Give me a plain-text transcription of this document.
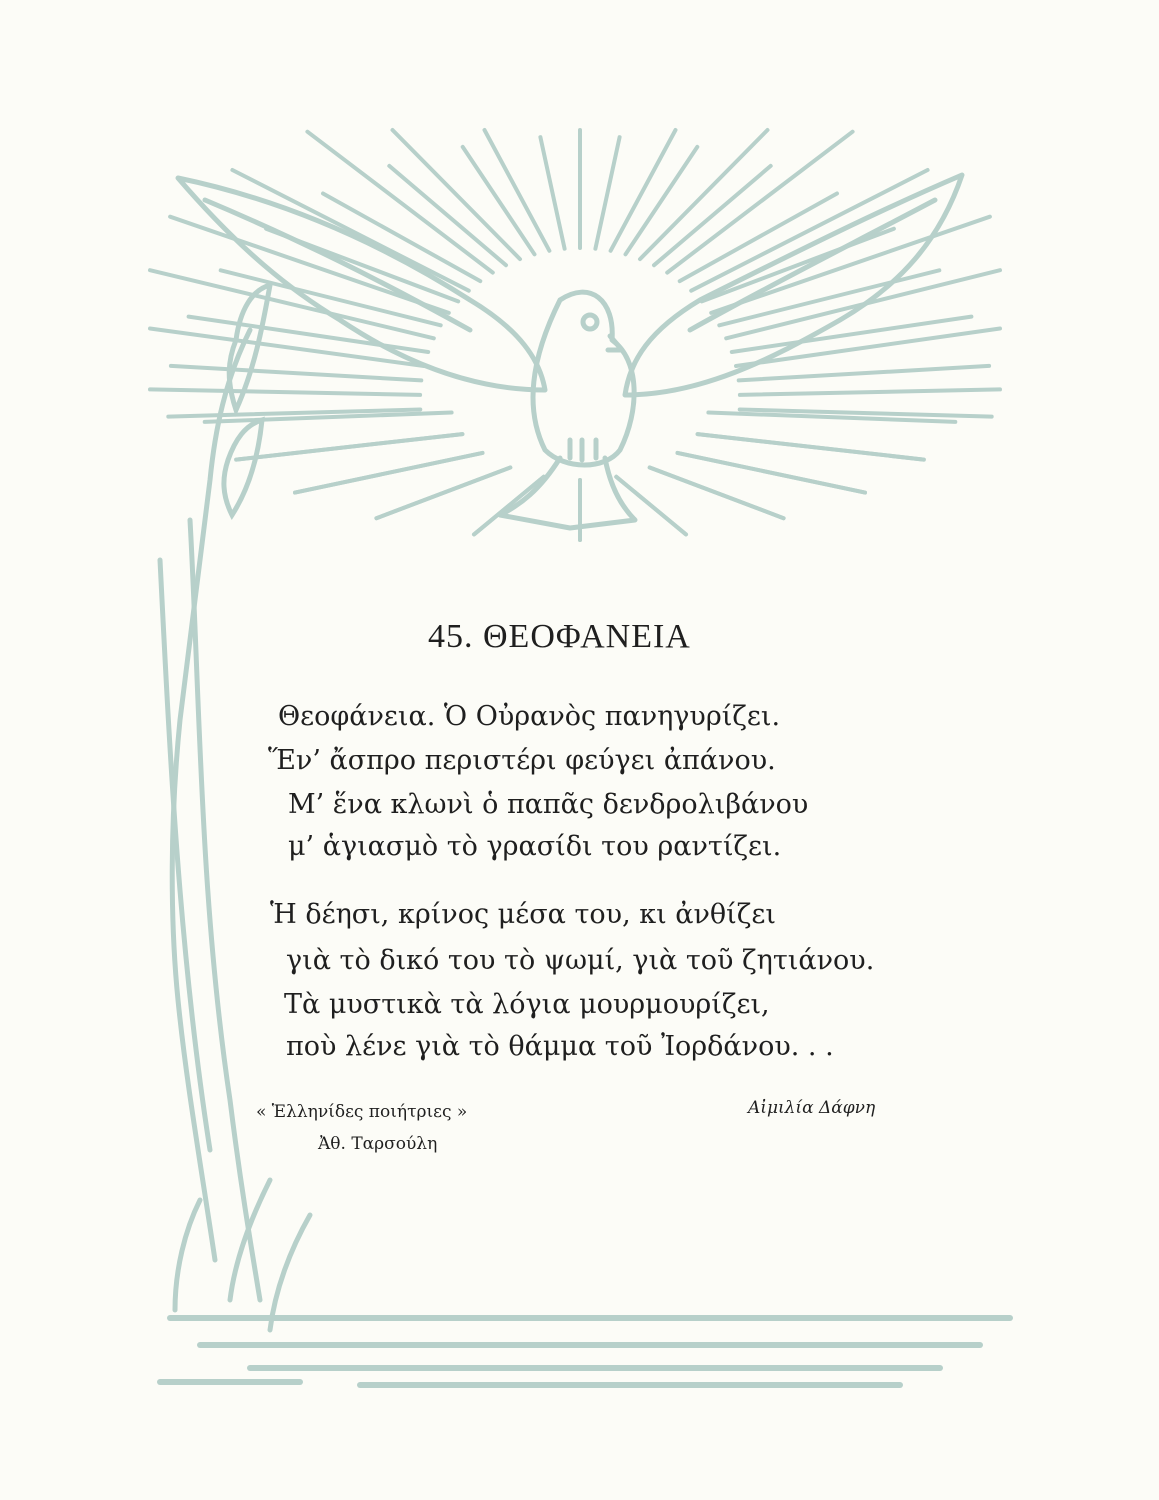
45. ΘΕΟΦΑΝΕΙΑ
Θεοφάνεια. Ὁ Οὐρανὸς πανηγυρίζει.
Ἕν’ ἄσπρο περιστέρι φεύγει ἀπάνου.
Μ’ ἕνα κλωνὶ ὁ παπᾶς δενδρολιβάνου
μ’ ἁγιασμὸ τὸ γρασίδι του ραντίζει.
Ἡ δέησι, κρίνος μέσα του, κι ἀνθίζει
γιὰ τὸ δικό του τὸ ψωμί, γιὰ τοῦ ζητιάνου.
Τὰ μυστικὰ τὰ λόγια μουρμουρίζει,
ποὺ λένε γιὰ τὸ θάμμα τοῦ Ἰορδάνου. . .
« Ἑλληνίδες ποιήτριες »
Ἀθ. Ταρσούλη
Αἰμιλία Δάφνη
